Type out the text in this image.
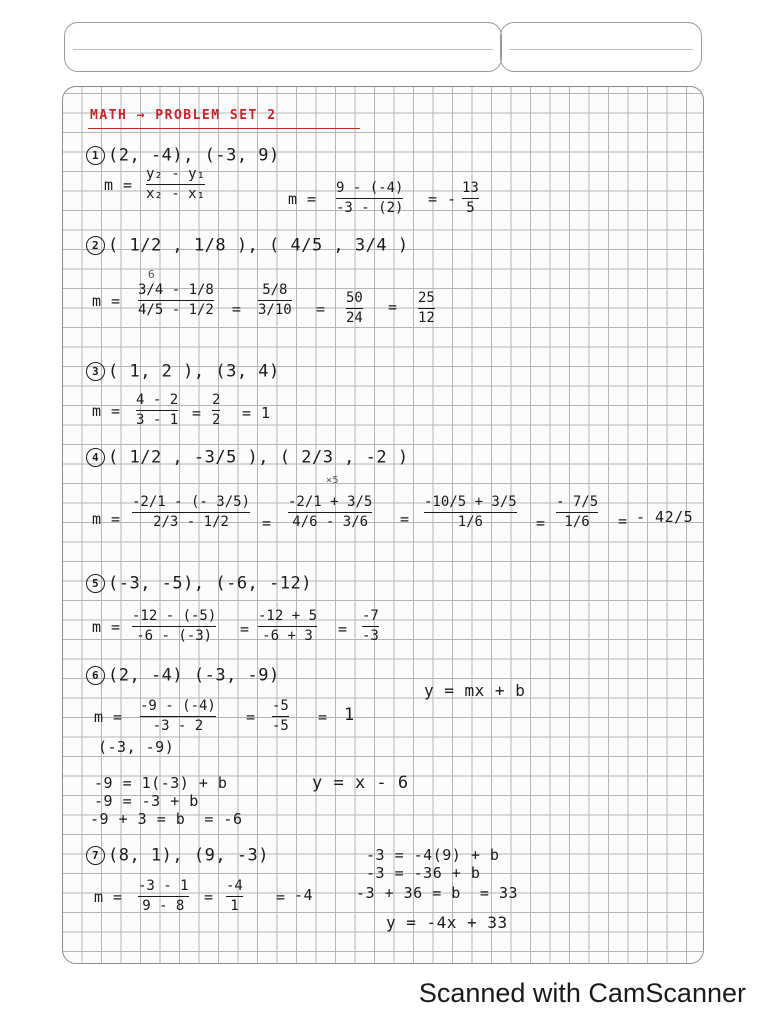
MATH → PROBLEM SET 2
1 (2, -4), (-3, 9)
m =
y₂ - y₁
x₂ - x₁	m =
9 - (-4)
-3 - (2) = -
13
5
2 ( 1/2 , 1/8 ), ( 4/5 , 3/4 )
6
m =
3/4 - 1/8
4/5 - 1/2 =
5/8
3/10 =
50
24
= 25
12
3 ( 1, 2 ), (3, 4)
m =
4 - 2
3 - 1 =
2
2 = 1
4 ( 1/2 , -3/5 ), ( 2/3 , -2 )
×5
m =
-2/1 - (- 3/5)
2/3 - 1/2 =
-2/1 + 3/5
4/6 - 3/6 =
-10/5 + 3/5
1/6	=
- 7/5
1/6 = - 42/5
5 (-3, -5), (-6, -12)
m =
-12 - (-5)
-6 - (-3) =
-12 + 5
-6 + 3 =
-7
-3
6 (2, -4) (-3, -9)
y = mx + b
m =
-9 - (-4)
-3 - 2	=
-5
-5 = 1
(-3, -9)
-9 = 1(-3) + b
-9 = -3 + b
-9 + 3 = b  = -6
y = x - 6
7 (8, 1), (9, -3)
m =
-3 - 1
9 - 8 =
-4
1 = -4
-3 = -4(9) + b
-3 = -36 + b
-3 + 36 = b  = 33
y = -4x + 33
Scanned with CamScanner
